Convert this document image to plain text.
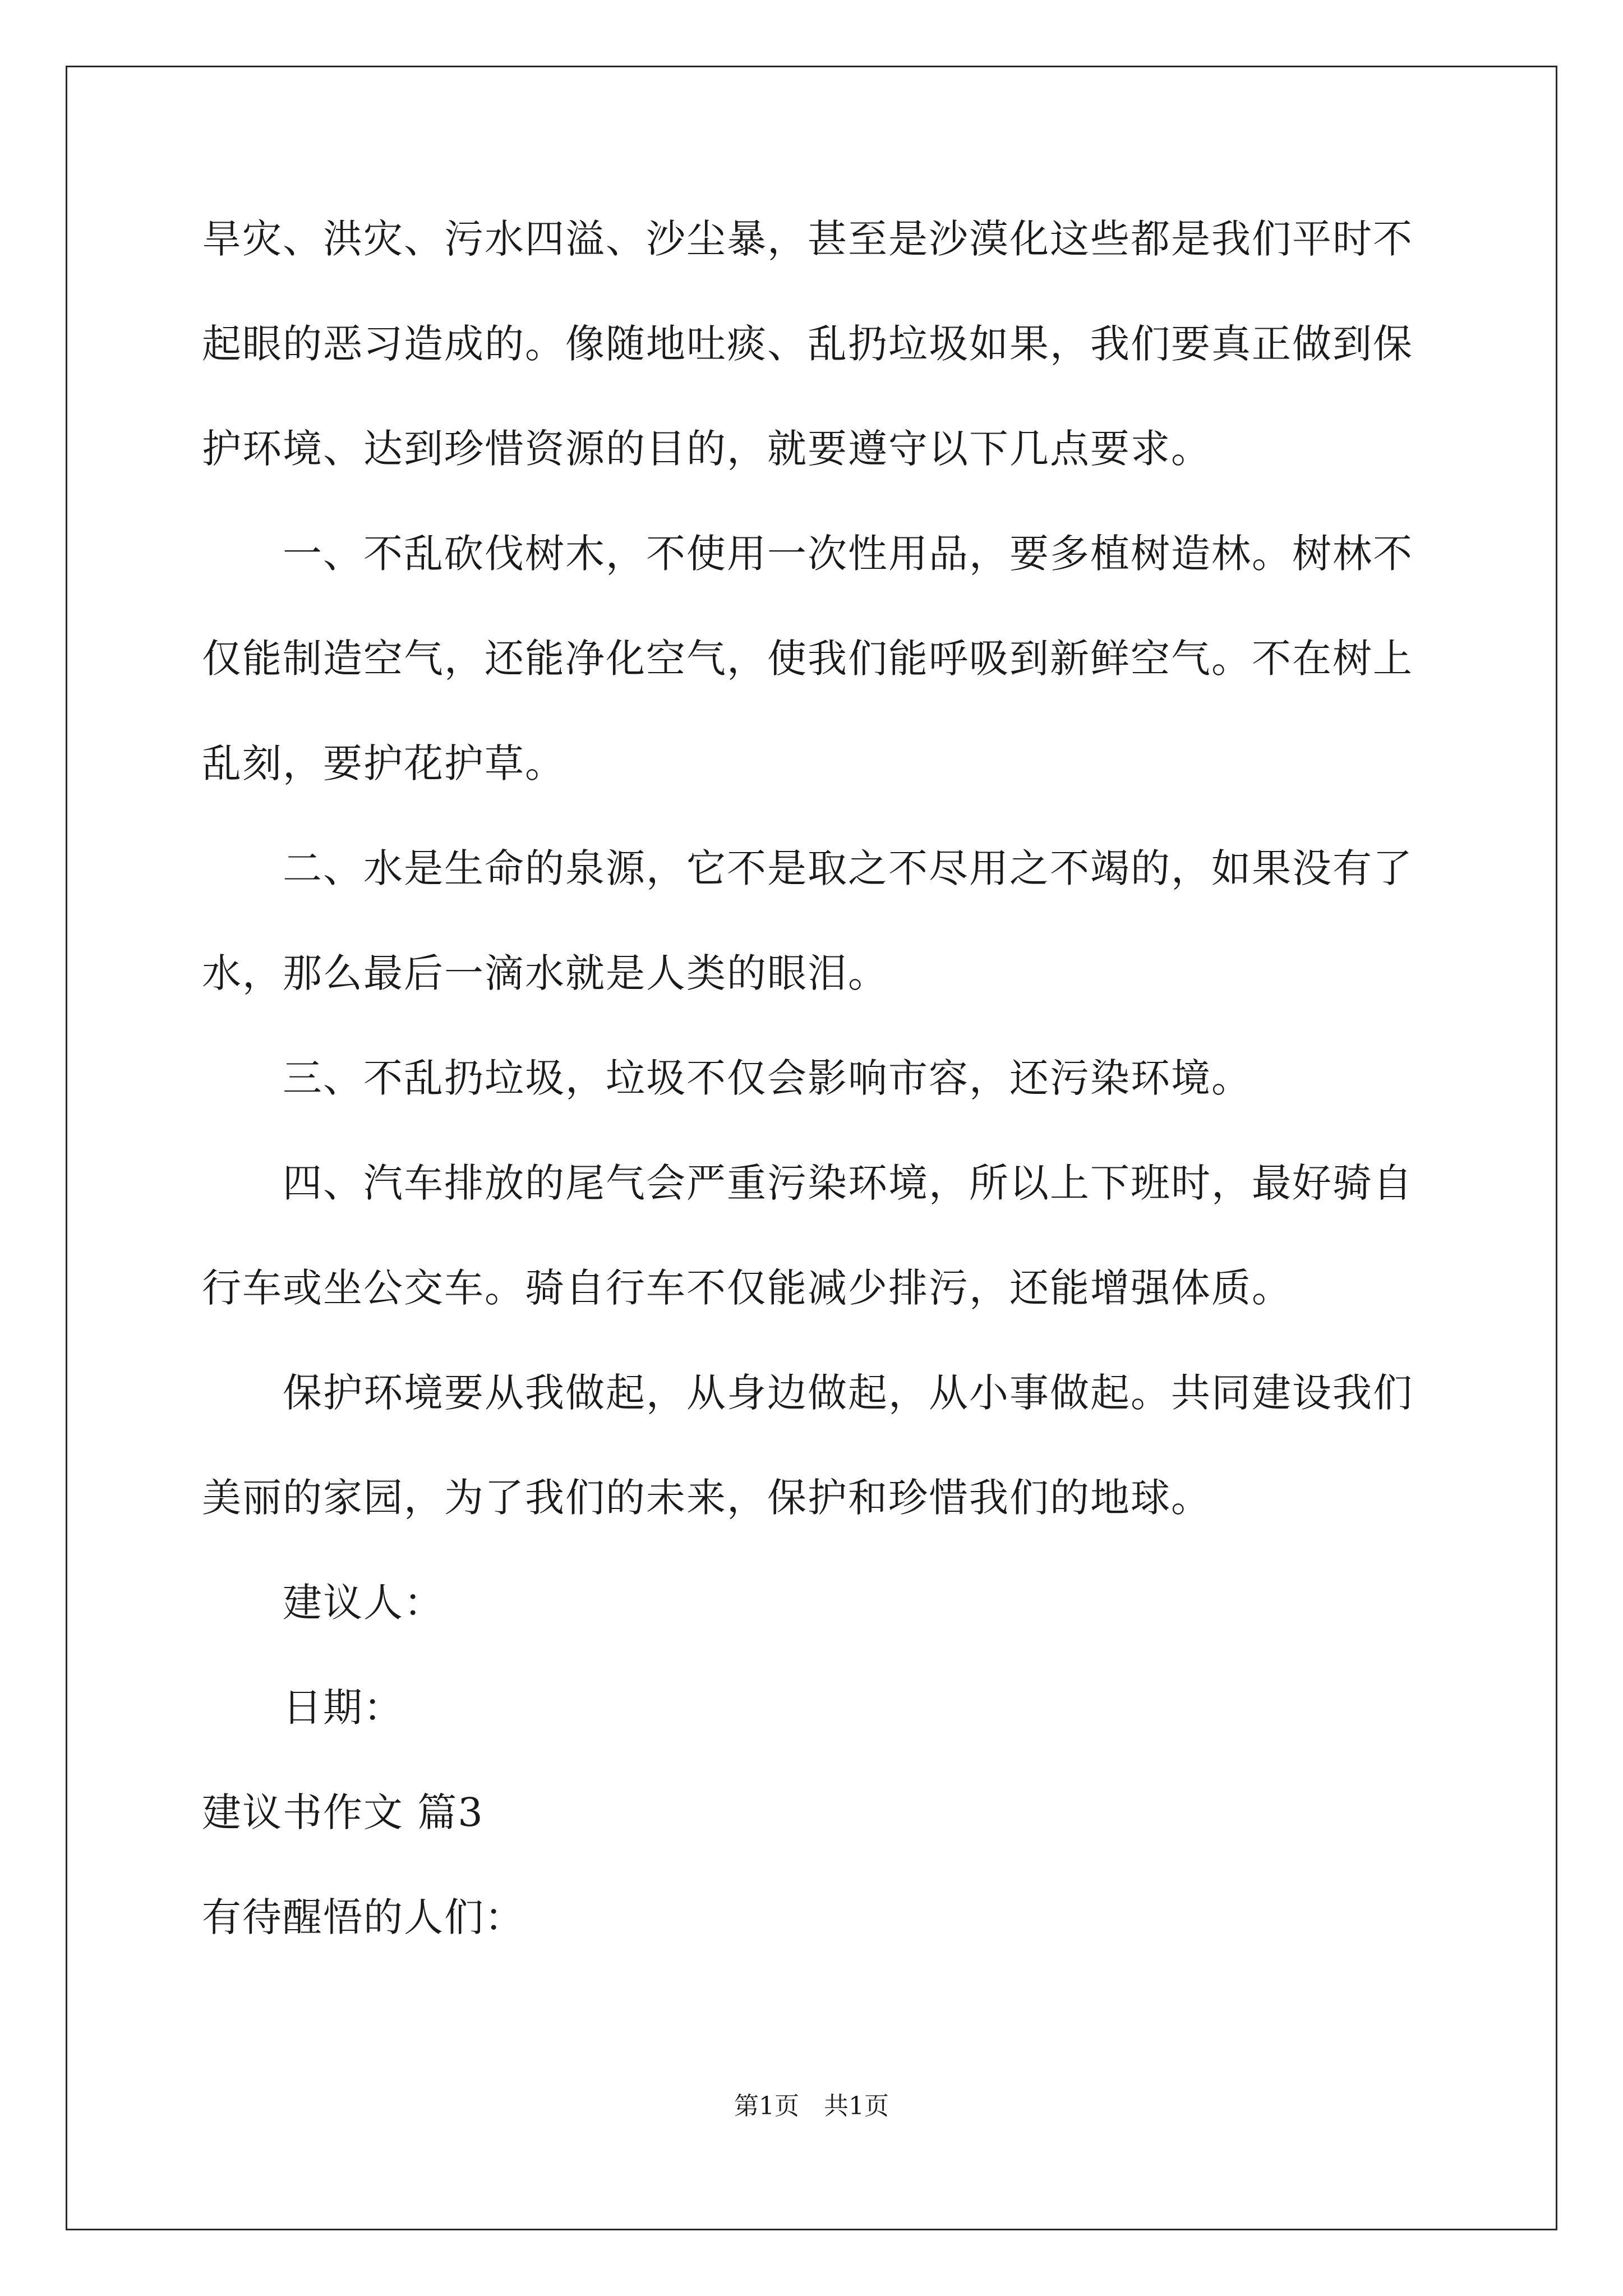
旱灾、洪灾、污水四溢、沙尘暴，甚至是沙漠化这些都是我们平时不
起眼的恶习造成的。像随地吐痰、乱扔垃圾如果，我们要真正做到保
护环境、达到珍惜资源的目的，就要遵守以下几点要求。
一、不乱砍伐树木，不使用一次性用品，要多植树造林。树林不
仅能制造空气，还能净化空气，使我们能呼吸到新鲜空气。不在树上
乱刻，要护花护草。
二、水是生命的泉源，它不是取之不尽用之不竭的，如果没有了
水，那么最后一滴水就是人类的眼泪。
三、不乱扔垃圾，垃圾不仅会影响市容，还污染环境。
四、汽车排放的尾气会严重污染环境，所以上下班时，最好骑自
行车或坐公交车。骑自行车不仅能减少排污，还能增强体质。
保护环境要从我做起，从身边做起，从小事做起。共同建设我们
美丽的家园，为了我们的未来，保护和珍惜我们的地球。
建议人：
日期：
建议书作文 篇3
有待醒悟的人们：
第1页 共1页
